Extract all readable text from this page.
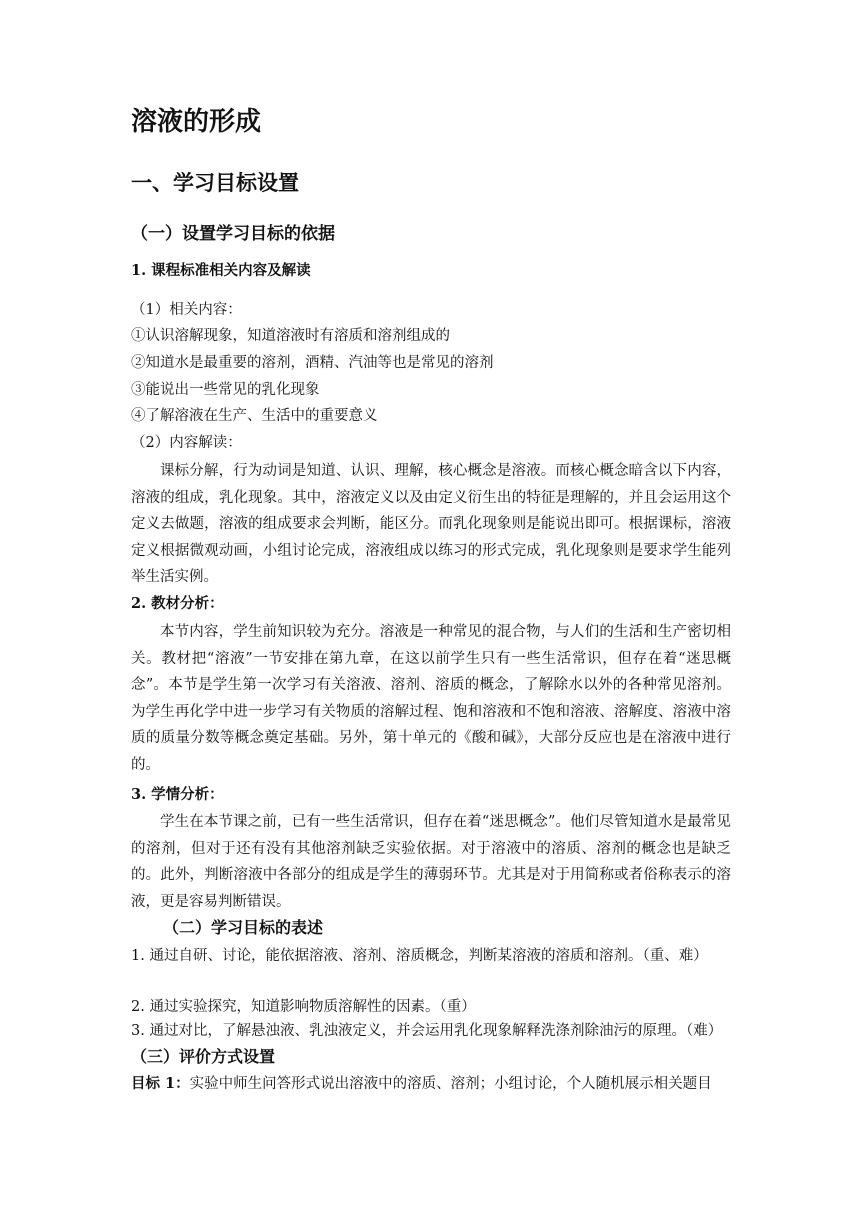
溶液的形成
一、学习目标设置
（一）设置学习目标的依据
1. 课程标准相关内容及解读
（1）相关内容：
①认识溶解现象，知道溶液时有溶质和溶剂组成的
②知道水是最重要的溶剂，酒精、汽油等也是常见的溶剂
③能说出一些常见的乳化现象
④了解溶液在生产、生活中的重要意义
（2）内容解读：
课标分解，行为动词是知道、认识、理解，核心概念是溶液。而核心概念暗含以下内容，溶液的组成，乳化现象。其中，溶液定义以及由定义衍生出的特征是理解的，并且会运用这个定义去做题，溶液的组成要求会判断，能区分。而乳化现象则是能说出即可。根据课标，溶液定义根据微观动画，小组讨论完成，溶液组成以练习的形式完成，乳化现象则是要求学生能列举生活实例。
2. 教材分析：
本节内容，学生前知识较为充分。溶液是一种常见的混合物，与人们的生活和生产密切相关。教材把“溶液”一节安排在第九章，在这以前学生只有一些生活常识，但存在着“迷思概念”。本节是学生第一次学习有关溶液、溶剂、溶质的概念，了解除水以外的各种常见溶剂。为学生再化学中进一步学习有关物质的溶解过程、饱和溶液和不饱和溶液、溶解度、溶液中溶质的质量分数等概念奠定基础。另外，第十单元的《酸和碱》，大部分反应也是在溶液中进行的。
3. 学情分析：
学生在本节课之前，已有一些生活常识，但存在着“迷思概念”。他们尽管知道水是最常见的溶剂，但对于还有没有其他溶剂缺乏实验依据。对于溶液中的溶质、溶剂的概念也是缺乏的。此外，判断溶液中各部分的组成是学生的薄弱环节。尤其是对于用简称或者俗称表示的溶液，更是容易判断错误。
（二）学习目标的表述
1. 通过自研、讨论，能依据溶液、溶剂、溶质概念，判断某溶液的溶质和溶剂。（重、难）
2. 通过实验探究，知道影响物质溶解性的因素。（重）
3. 通过对比，了解悬浊液、乳浊液定义，并会运用乳化现象解释洗涤剂除油污的原理。（难）
（三）评价方式设置
目标 1：实验中师生问答形式说出溶液中的溶质、溶剂；小组讨论，个人随机展示相关题目
